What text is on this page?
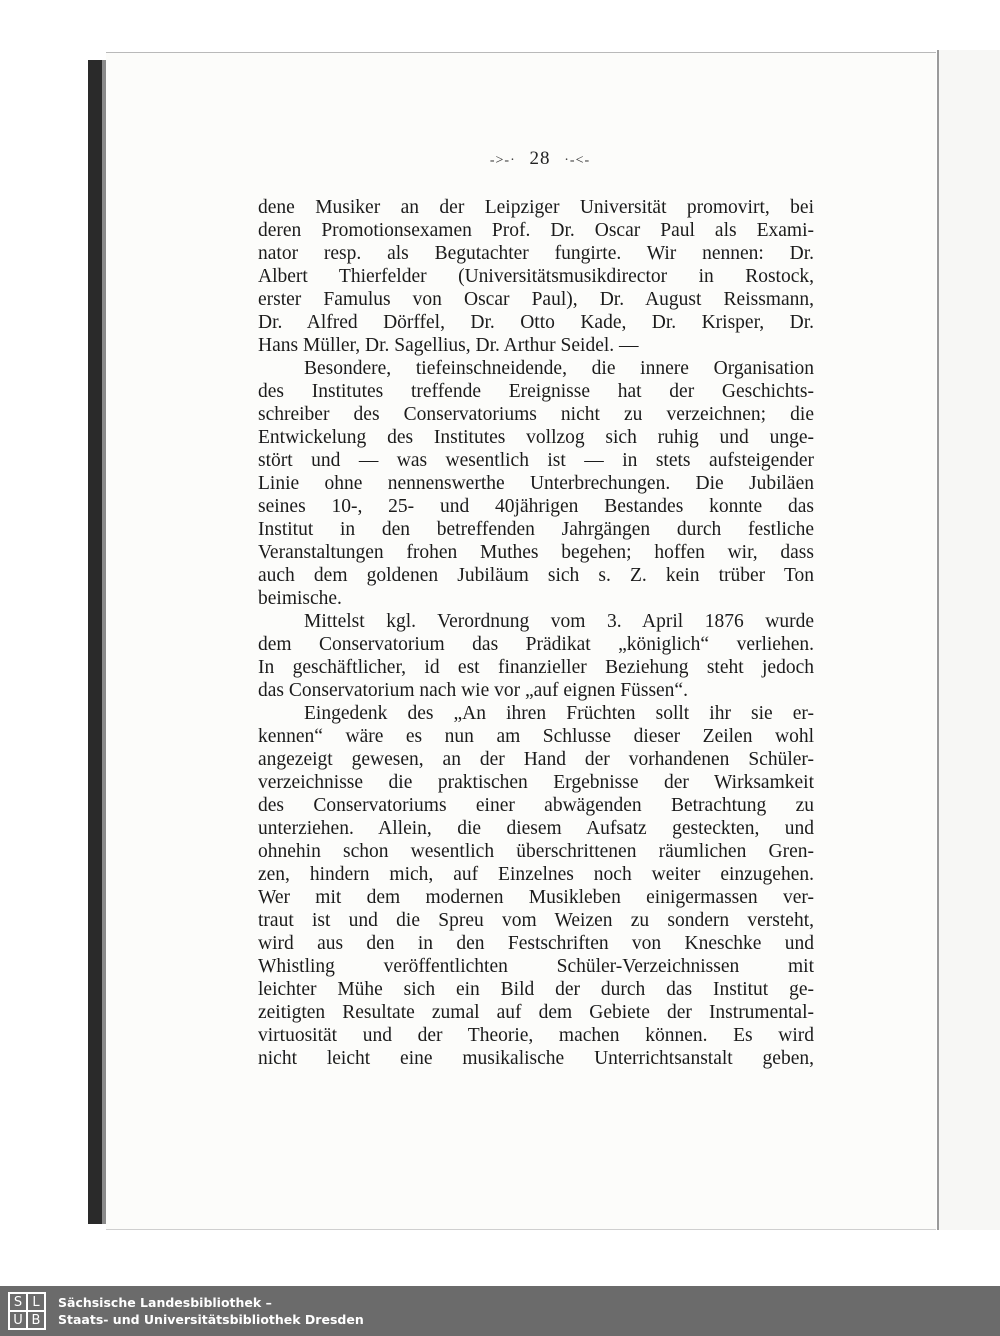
->-· 28 ·-<-
dene Musiker an der Leipziger Universität promovirt, bei
deren Promotionsexamen Prof. Dr. Oscar Paul als Exami-
nator resp. als Begutachter fungirte. Wir nennen: Dr.
Albert Thierfelder (Universitätsmusikdirector in Rostock,
erster Famulus von Oscar Paul), Dr. August Reissmann,
Dr. Alfred Dörffel, Dr. Otto Kade, Dr. Krisper, Dr.
Hans Müller, Dr. Sagellius, Dr. Arthur Seidel. —
Besondere, tiefeinschneidende, die innere Organisation
des Institutes treffende Ereignisse hat der Geschichts-
schreiber des Conservatoriums nicht zu verzeichnen; die
Entwickelung des Institutes vollzog sich ruhig und unge-
stört und — was wesentlich ist — in stets aufsteigender
Linie ohne nennenswerthe Unterbrechungen. Die Jubiläen
seines 10-, 25- und 40jährigen Bestandes konnte das
Institut in den betreffenden Jahrgängen durch festliche
Veranstaltungen frohen Muthes begehen; hoffen wir, dass
auch dem goldenen Jubiläum sich s. Z. kein trüber Ton
beimische.
Mittelst kgl. Verordnung vom 3. April 1876 wurde
dem Conservatorium das Prädikat „königlich“ verliehen.
In geschäftlicher, id est finanzieller Beziehung steht jedoch
das Conservatorium nach wie vor „auf eignen Füssen“.
Eingedenk des „An ihren Früchten sollt ihr sie er-
kennen“ wäre es nun am Schlusse dieser Zeilen wohl
angezeigt gewesen, an der Hand der vorhandenen Schüler-
verzeichnisse die praktischen Ergebnisse der Wirksamkeit
des Conservatoriums einer abwägenden Betrachtung zu
unterziehen. Allein, die diesem Aufsatz gesteckten, und
ohnehin schon wesentlich überschrittenen räumlichen Gren-
zen, hindern mich, auf Einzelnes noch weiter einzugehen.
Wer mit dem modernen Musikleben einigermassen ver-
traut ist und die Spreu vom Weizen zu sondern versteht,
wird aus den in den Festschriften von Kneschke und
Whistling veröffentlichten Schüler-Verzeichnissen mit
leichter Mühe sich ein Bild der durch das Institut ge-
zeitigten Resultate zumal auf dem Gebiete der Instrumental-
virtuosität und der Theorie, machen können. Es wird
nicht leicht eine musikalische Unterrichtsanstalt geben,
S L
U B
Sächsische Landesbibliothek –
Staats- und Universitätsbibliothek Dresden
